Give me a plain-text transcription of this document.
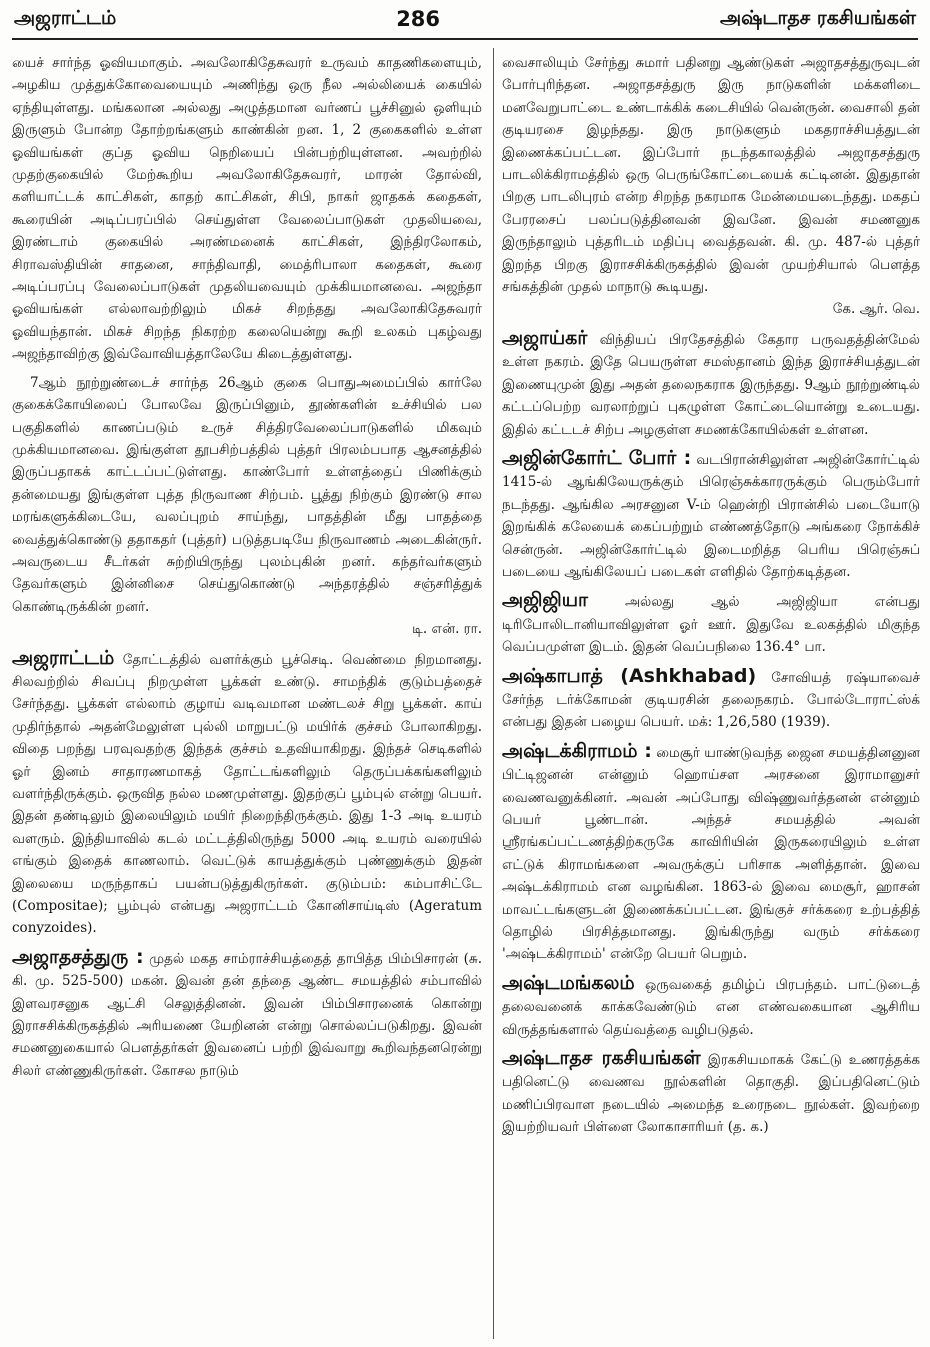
அஜராட்டம்	286	அஷ்டாதச ரகசியங்கள்

யைச் சார்ந்த ஓவியமாகும். அவலோகிதேசுவரர் உருவம் காதணிகளையும், அழகிய முத்துக்கோவையையும் அணிந்து ஒரு நீல அல்லியைக் கையில் ஏந்தியுள்ளது. மங்கலான அல்லது அழுத்தமான வர்ணப் பூச்சினுல் ஒளியும் இருளும் போன்ற தோற்றங்களும் காண்கின் றன. 1, 2 குகைகளில் உள்ள ஓவியங்கள் குப்த ஓவிய நெறியைப் பின்பற்றியுள்ளன. அவற்றில் முதற்குகையில் மேற்கூறிய அவலோகிதேசுவரர், மாரன் தோல்வி, களியாட்டக் காட்சிகள், காதற் காட்சிகள், சிபி, நாகர் ஜாதகக் கதைகள், கூரையின் அடிப்பரப்பில் செய்துள்ள வேலைப்பாடுகள் முதலியவை, இரண்டாம் குகையில் அரண்மனைக் காட்சிகள், இந்திரலோகம், சிராவஸ்தியின் சாதனை, சாந்திவாதி, மைத்ரிபாலா கதைகள், கூரை அடிப்பரப்பு வேலைப்பாடுகள் முதலியவையும் முக்கியமானவை. அஜந்தா ஓவியங்கள் எல்லாவற்றிலும் மிகச் சிறந்தது அவலோகிதேசுவரர் ஓவியந்தான். மிகச் சிறந்த நிகரற்ற கலையென்று கூறி உலகம் புகழ்வது அஜந்தாவிற்கு இவ்வோவியத்தாலேயே கிடைத்துள்ளது.

7ஆம் நூற்றுண்டைச் சார்ந்த 26ஆம் குகை பொதுஅமைப்பில் கார்லே குகைக்கோயிலைப் போலவே இருப்பினும், தூண்களின் உச்சியில் பல பகுதிகளில் காணப்படும் உருச் சித்திரவேலைப்பாடுகளில் மிகவும் முக்கியமானவை. இங்குள்ள தூபசிற்பத்தில் புத்தர் பிரலம்பபாத ஆசனத்தில் இருப்பதாகக் காட்டப்பட்டுள்ளது. காண்போர் உள்ளத்தைப் பிணிக்கும் தன்மையது இங்குள்ள புத்த நிருவாண சிற்பம். பூத்து நிற்கும் இரண்டு சால மரங்களுக்கிடையே, வலப்புறம் சாய்ந்து, பாதத்தின் மீது பாதத்தை வைத்துக்கொண்டு ததாகதர் (புத்தர்) படுத்தபடியே நிருவாணம் அடைகின்ருர். அவருடைய சீடர்கள் சுற்றியிருந்து புலம்புகின் றனர். கந்தர்வர்களும் தேவர்களும் இன்னிசை செய்துகொண்டு அந்தரத்தில் சஞ்சரித்துக் கொண்டிருக்கின் றனர்.
டி. என். ரா.

அஜராட்டம் தோட்டத்தில் வளர்க்கும் பூச்செடி. வெண்மை நிறமானது. சிலவற்றில் சிவப்பு நிறமுள்ள பூக்கள் உண்டு. சாமந்திக் குடும்பத்தைச் சேர்ந்தது. பூக்கள் எல்லாம் குழாய் வடிவமான மண்டலச் சிறு பூக்கள். காய் முதிர்ந்தால் அதன்மேலுள்ள புல்லி மாறுபட்டு மயிர்க் குச்சம் போலாகிறது. விதை பறந்து பரவுவதற்கு இந்தக் குச்சம் உதவியாகிறது. இந்தச் செடிகளில் ஓர் இனம் சாதாரணமாகத் தோட்டங்களிலும் தெருப்பக்கங்களிலும் வளர்ந்திருக்கும். ஒருவித நல்ல மணமுள்ளது. இதற்குப் பூம்புல் என்று பெயர். இதன் தண்டிலும் இலையிலும் மயிர் நிறைந்திருக்கும். இது 1-3 அடி உயரம் வளரும். இந்தியாவில் கடல் மட்டத்திலிருந்து 5000 அடி உயரம் வரையில் எங்கும் இதைக் காணலாம். வெட்டுக் காயத்துக்கும் புண்ணுக்கும் இதன் இலையை மருந்தாகப் பயன்படுத்துகிருர்கள். குடும்பம்: கம்பாசிட்டே (Compositae); பூம்புல் என்பது அஜராட்டம் கோனிசாய்டிஸ் (Ageratum conyzoides).

அஜாதசத்துரு : முதல் மகத சாம்ராச்சியத்தைத் தாபித்த பிம்பிசாரன் (சு. கி. மு. 525-500) மகன். இவன் தன் தந்தை ஆண்ட சமயத்தில் சம்பாவில் இளவரசனுக ஆட்சி செலுத்தினன். இவன் பிம்பிசாரனைக் கொன்று இராசசிக்கிருகத்தில் அரியணை யேறினன் என்று சொல்லப்படுகிறது. இவன் சமணனுகையால் பௌத்தர்கள் இவனைப் பற்றி இவ்வாறு கூறிவந்தனரென்று சிலர் எண்ணுகிருர்கள். கோசல நாடும்

வைசாலியும் சேர்ந்து சுமார் பதினறு ஆண்டுகள் அஜாதசத்துருவுடன் போர்புரிந்தன. அஜாதசத்துரு இரு நாடுகளின் மக்களிடை மனவேறுபாட்டை உண்டாக்கிக் கடைசியில் வென்ருன். வைசாலி தன் குடியரசை இழந்தது. இரு நாடுகளும் மகதராச்சியத்துடன் இணைக்கப்பட்டன. இப்போர் நடந்தகாலத்தில் அஜாதசத்துரு பாடலிக்கிராமத்தில் ஒரு பெருங்கோட்டையைக் கட்டினன். இதுதான் பிறகு பாடலிபுரம் என்ற சிறந்த நகரமாக மேன்மையடைந்தது. மகதப் பேரரசைப் பலப்படுத்தினவன் இவனே. இவன் சமணனுக இருந்தாலும் புத்தரிடம் மதிப்பு வைத்தவன். கி. மு. 487-ல் புத்தர் இறந்த பிறகு இராசசிக்கிருகத்தில் இவன் முயற்சியால் பௌத்த சங்கத்தின் முதல் மாநாடு கூடியது.
கே. ஆர். வெ.

அஜாய்கர் விந்தியப் பிரதேசத்தில் கேதார பருவதத்தின்மேல் உள்ள நகரம். இதே பெயருள்ள சமஸ்தானம் இந்த இராச்சியத்துடன் இணையுமுன் இது அதன் தலைநகராக இருந்தது. 9ஆம் நூற்றுண்டில் கட்டப்பெற்ற வரலாற்றுப் புகழுள்ள கோட்டையொன்று உடையது. இதில் கட்டடச் சிற்ப அழகுள்ள சமணக்கோயில்கள் உள்ளன.

அஜின்கோர்ட் போர் : வடபிரான்சிலுள்ள அஜின்கோர்ட்டில் 1415-ல் ஆங்கிலேயருக்கும் பிரெஞ்சுக்காரருக்கும் பெரும்போர் நடந்தது. ஆங்கில அரசனுன V-ம் ஹென்றி பிரான்சில் படையோடு இறங்கிக் கலேயைக் கைப்பற்றும் எண்ணத்தோடு அங்கரை நோக்கிச் சென்ருன். அஜின்கோர்ட்டில் இடைமறித்த பெரிய பிரெஞ்சுப் படையை ஆங்கிலேயப் படைகள் எளிதில் தோற்கடித்தன.

அஜிஜியா	அல்லது ஆல் அஜிஜியா என்பது டிரிபோலிடானியாவிலுள்ள ஓர் ஊர். இதுவே உலகத்தில் மிகுந்த வெப்பமுள்ள இடம். இதன் வெப்பநிலை 136.4° பா.

அஷ்காபாத் (Ashkhabad) சோவியத் ரஷ்யாவைச் சேர்ந்த டர்க்கோமன் குடியரசின் தலைநகரம். போல்டோராட்ஸ்க் என்பது இதன் பழைய பெயர். மக்: 1,26,580 (1939).

அஷ்டக்கிராமம் : மைசூர் யாண்டுவந்த ஜைன சமயத்தினனுன பிட்டிஜனன் என்னும் ஹொய்சள அரசனை இராமானுசர் வைணவனுக்கினர். அவன் அப்போது விஷ்ணுவர்த்தனன் என்னும் பெயர் பூண்டான். அந்தச் சமயத்தில் அவன் ஸ்ரீரங்கப்பட்டணத்திற்கருகே காவிரியின் இருகரையிலும் உள்ள எட்டுக் கிராமங்களை அவருக்குப் பரிசாக அளித்தான். இவை அஷ்டக்கிராமம் என வழங்கின. 1863-ல் இவை மைசூர், ஹாசன் மாவட்டங்களுடன் இணைக்கப்பட்டன. இங்குச் சர்க்கரை உற்பத்தித் தொழில் பிரசித்தமானது. இங்கிருந்து வரும் சர்க்கரை 'அஷ்டக்கிராமம்' என்றே பெயர் பெறும்.

அஷ்டமங்கலம் ஒருவகைத் தமிழ்ப் பிரபந்தம். பாட்டுடைத் தலைவனைக் காக்கவேண்டும் என எண்வகையான ஆசிரிய விருத்தங்களால் தெய்வத்தை வழிபடுதல்.

அஷ்டாதச ரகசியங்கள் இரகசியமாகக் கேட்டு உணரத்தக்க பதினெட்டு வைணவ நூல்களின் தொகுதி. இப்பதினெட்டும் மணிப்பிரவாள நடையில் அமைந்த உரைநடை நூல்கள். இவற்றை இயற்றியவர் பிள்ளை லோகாசாரியர் (த. க.)
